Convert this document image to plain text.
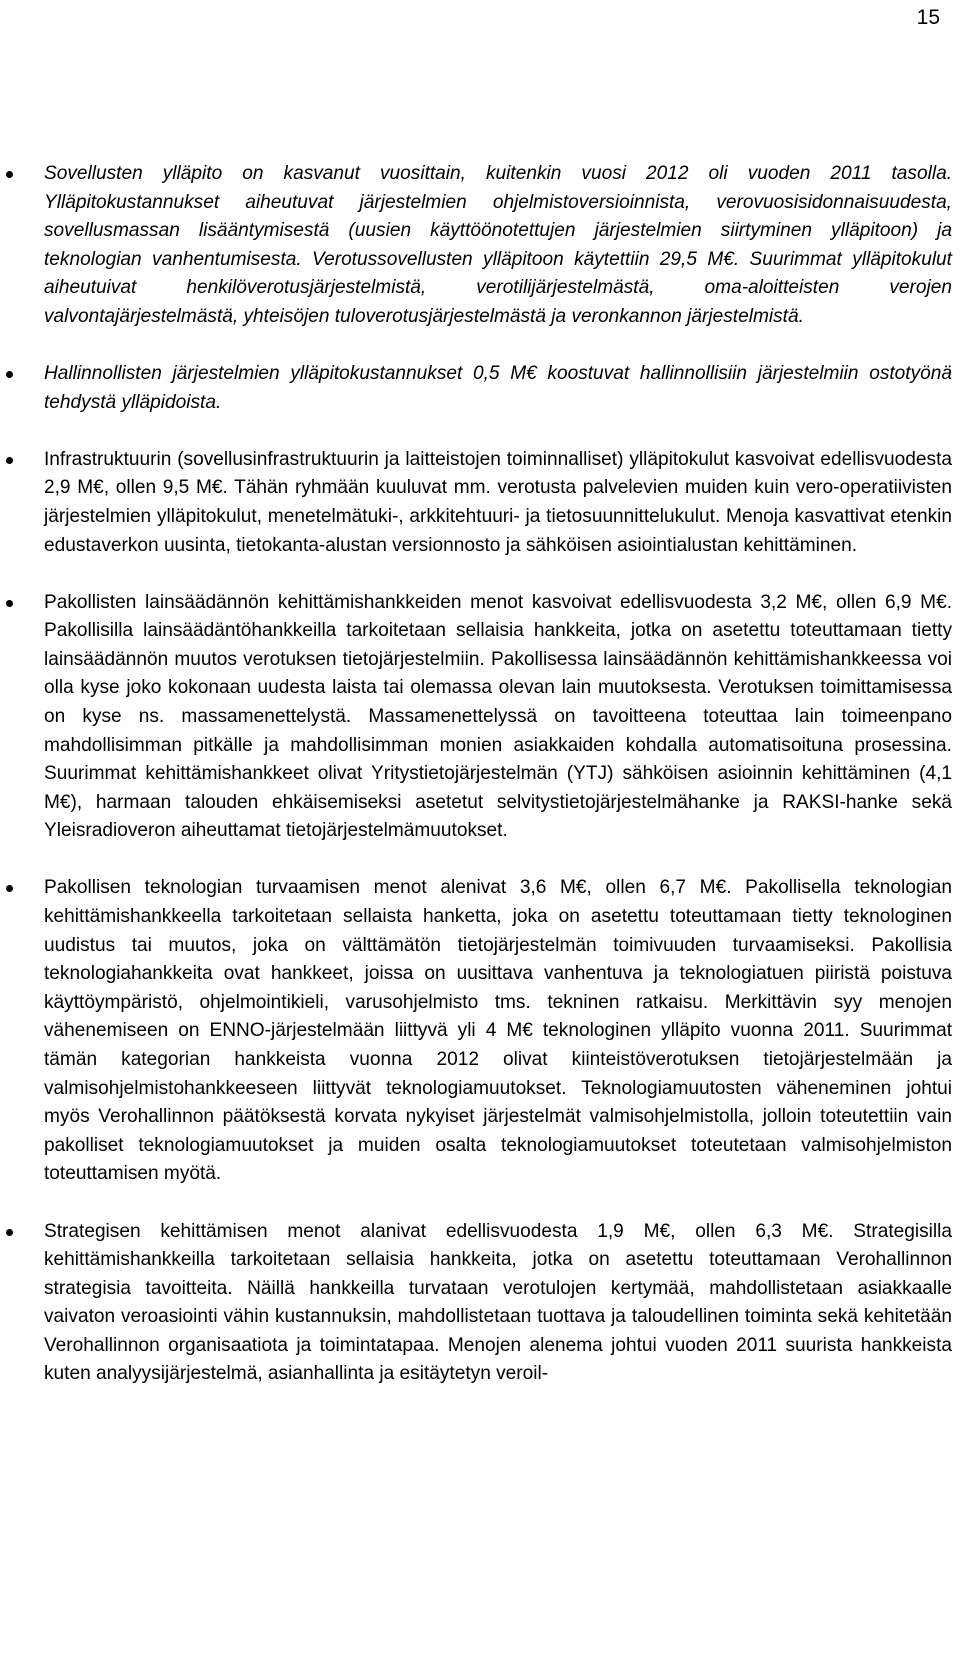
15
Sovellusten ylläpito on kasvanut vuosittain, kuitenkin vuosi 2012 oli vuoden 2011 tasolla. Ylläpitokustannukset aiheutuvat järjestelmien ohjelmistoversioinnista, verovuosisidonnaisuudesta, sovellusmassan lisääntymisestä (uusien käyttöönotettujen järjestelmien siirtyminen ylläpitoon) ja teknologian vanhentumisesta. Verotussovellusten ylläpitoon käytettiin 29,5 M€. Suurimmat ylläpitokulut aiheutuivat henkilöverotusjärjestelmistä, verotilijärjestelmästä, oma-aloitteisten verojen valvontajärjestelmästä, yhteisöjen tuloverotusjärjestelmästä ja veronkannon järjestelmistä.
Hallinnollisten järjestelmien ylläpitokustannukset 0,5 M€ koostuvat hallinnollisiin järjestelmiin ostotyönä tehdystä ylläpidoista.
Infrastruktuurin (sovellusinfrastruktuurin ja laitteistojen toiminnalliset) ylläpitokulut kasvoivat edellisvuodesta 2,9 M€, ollen 9,5 M€. Tähän ryhmään kuuluvat mm. verotusta palvelevien muiden kuin vero-operatiivisten järjestelmien ylläpitokulut, menetelmätuki-, arkkitehtuuri- ja tietosuunnittelukulut. Menoja kasvattivat etenkin edustaverkon uusinta, tietokanta-alustan versionnosto ja sähköisen asiointialustan kehittäminen.
Pakollisten lainsäädännön kehittämishankkeiden menot kasvoivat edellisvuodesta 3,2 M€, ollen 6,9 M€. Pakollisilla lainsäädäntöhankkeilla tarkoitetaan sellaisia hankkeita, jotka on asetettu toteuttamaan tietty lainsäädännön muutos verotuksen tietojärjestelmiin. Pakollisessa lainsäädännön kehittämishankkeessa voi olla kyse joko kokonaan uudesta laista tai olemassa olevan lain muutoksesta. Verotuksen toimittamisessa on kyse ns. massamenettelystä. Massamenettelyssä on tavoitteena toteuttaa lain toimeenpano mahdollisimman pitkälle ja mahdollisimman monien asiakkaiden kohdalla automatisoituna prosessina. Suurimmat kehittämishankkeet olivat Yritystietojärjestelmän (YTJ) sähköisen asioinnin kehittäminen (4,1 M€), harmaan talouden ehkäisemiseksi asetetut selvitystietojärjestelmähanke ja RAKSI-hanke sekä Yleisradioveron aiheuttamat tietojärjestelmämuutokset.
Pakollisen teknologian turvaamisen menot alenivat 3,6 M€, ollen 6,7 M€. Pakollisella teknologian kehittämishankkeella tarkoitetaan sellaista hanketta, joka on asetettu toteuttamaan tietty teknologinen uudistus tai muutos, joka on välttämätön tietojärjestelmän toimivuuden turvaamiseksi. Pakollisia teknologiahankkeita ovat hankkeet, joissa on uusittava vanhentuva ja teknologiatuen piiristä poistuva käyttöympäristö, ohjelmointikieli, varusohjelmisto tms. tekninen ratkaisu. Merkittävin syy menojen vähenemiseen on ENNO-järjestelmään liittyvä yli 4 M€ teknologinen ylläpito vuonna 2011. Suurimmat tämän kategorian hankkeista vuonna 2012 olivat kiinteistöverotuksen tietojärjestelmään ja valmisohjelmistohankkeeseen liittyvät teknologiamuutokset. Teknologiamuutosten väheneminen johtui myös Verohallinnon päätöksestä korvata nykyiset järjestelmät valmisohjelmistolla, jolloin toteutettiin vain pakolliset teknologiamuutokset ja muiden osalta teknologiamuutokset toteutetaan valmisohjelmiston toteuttamisen myötä.
Strategisen kehittämisen menot alanivat edellisvuodesta 1,9 M€, ollen 6,3 M€. Strategisilla kehittämishankkeilla tarkoitetaan sellaisia hankkeita, jotka on asetettu toteuttamaan Verohallinnon strategisia tavoitteita. Näillä hankkeilla turvataan verotulojen kertymää, mahdollistetaan asiakkaalle vaivaton veroasiointi vähin kustannuksin, mahdollistetaan tuottava ja taloudellinen toiminta sekä kehitetään Verohallinnon organisaatiota ja toimintatapaa. Menojen alenema johtui vuoden 2011 suurista hankkeista kuten analyysijärjestelmä, asianhallinta ja esitäytetyn veroil-
